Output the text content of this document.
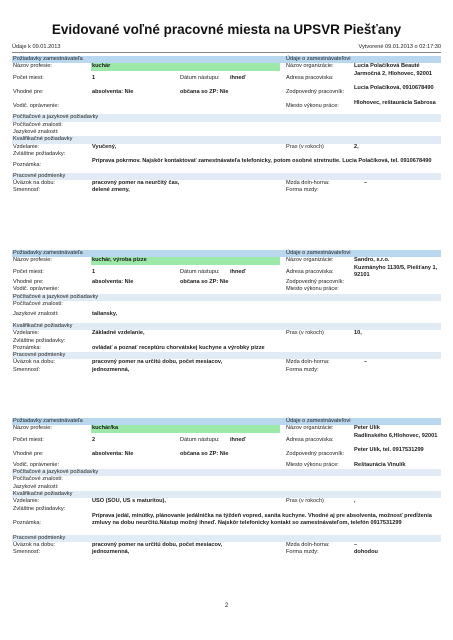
Evidované voľné pracovné miesta na UPSVR Piešťany
Údaje k 09.01.2013	Vytvorené 09.01.2013 o 02:17:30
Požiadavky zamestnávateľa	Údaje o zamestnávateľovi
Názov profesie:	kuchár	Názov organizácie:	Lucia Polačíková Beauté
Počet miest:	1	Dátum nástupu: ihneď	Adresa pracoviska:
Jarmočná 2, Hlohovec, 92001
Vhodné pre:	absolventa: Nie	občana so ZP: Nie	Zodpovedný pracovník:
Lucia Polačíková, 0910678490
Vodič. oprávnenie:	Miesto výkonu práce:	Hlohovec, reštaurácia Sabrosa
Počítačové a jazykové požiadavky
Počítačové znalosti:
Jazykové znalosti:
Kvalifikačné požiadavky
Vzdelanie:	Vyučený,	Prax (v rokoch)	2,
Zvláštne požiadavky:
Poznámka:
Príprava pokrmov. Najskôr kontaktovať zamestnávateľa telefonicky, potom osobné stretnutie. Lucia Polačíková, tel. 0910678490
Pracovné podmienky
Úväzok na dobu:	pracovný pomer na neurčitý čas,	Mzda doln-horna:	–
Smennosť:	delené zmeny,	Forma mzdy:
Požiadavky zamestnávateľa	Údaje o zamestnávateľovi
Názov profesie:	kuchár, výroba pizze	Názov organizácie:	Sandro, s.r.o.
Počet miest:	1	Dátum nástupu: ihneď	Adresa pracoviska:
Kuzmányho 1130/5, Piešťany 1, 92101
Vhodné pre:	absolventa: Nie	občana so ZP: Nie	Zodpovedný pracovník:
Vodič. oprávnenie:	Miesto výkonu práce:
Počítačové a jazykové požiadavky
Počítačové znalosti:
Jazykové znalosti:	taliansky,
Kvalifikačné požiadavky
Vzdelanie:	Základné vzdelanie,	Prax (v rokoch)	10,
Zvláštne požiadavky:
Poznámka:	ovládať a poznať receptúru chorvátskej kuchyne a výrobky pizze
Pracovné podmienky
Úväzok na dobu:	pracovný pomer na určitú dobu, počet mesiacov,	Mzda doln-horna:	–
Smennosť:	jednozmenná,	Forma mzdy:
Požiadavky zamestnávateľa	Údaje o zamestnávateľovi
Názov profesie:	kuchár/ka	Názov organizácie:	Peter Ulík
Počet miest:	2	Dátum nástupu: ihneď	Adresa pracoviska:
Radlinského 6,Hlohovec, 92001
Vhodné pre:	absolventa: Nie	občana so ZP: Nie	Zodpovedný pracovník:
Peter Ulík, tel. 0917531299
Vodič. oprávnenie:	Miesto výkonu práce:	Reštaurácia Vinulík
Počítačové a jazykové požiadavky
Počítačové znalosti:
Jazykové znalosti:
Kvalifikačné požiadavky
Vzdelanie:	USO (SOU, US s maturitou),	Prax (v rokoch)	,
Zvláštne požiadavky:
Poznámka:
Príprava jedál, minútky, plánovanie jedálnička na týždeň vopred, sanita kuchyne. Vhodné aj pre absolventa, možnosť predĺženia zmluvy na dobu neurčitú.Nástup možný ihneď. Najskôr telefonicky kontakt so zamestnávateľom, telefón 0917531299
Pracovné podmienky
Úväzok na dobu:	pracovný pomer na určitú dobu, počet mesiacov,	Mzda doln-horna:	–
Smennosť:	jednozmenná,	Forma mzdy:	dohodou
2
